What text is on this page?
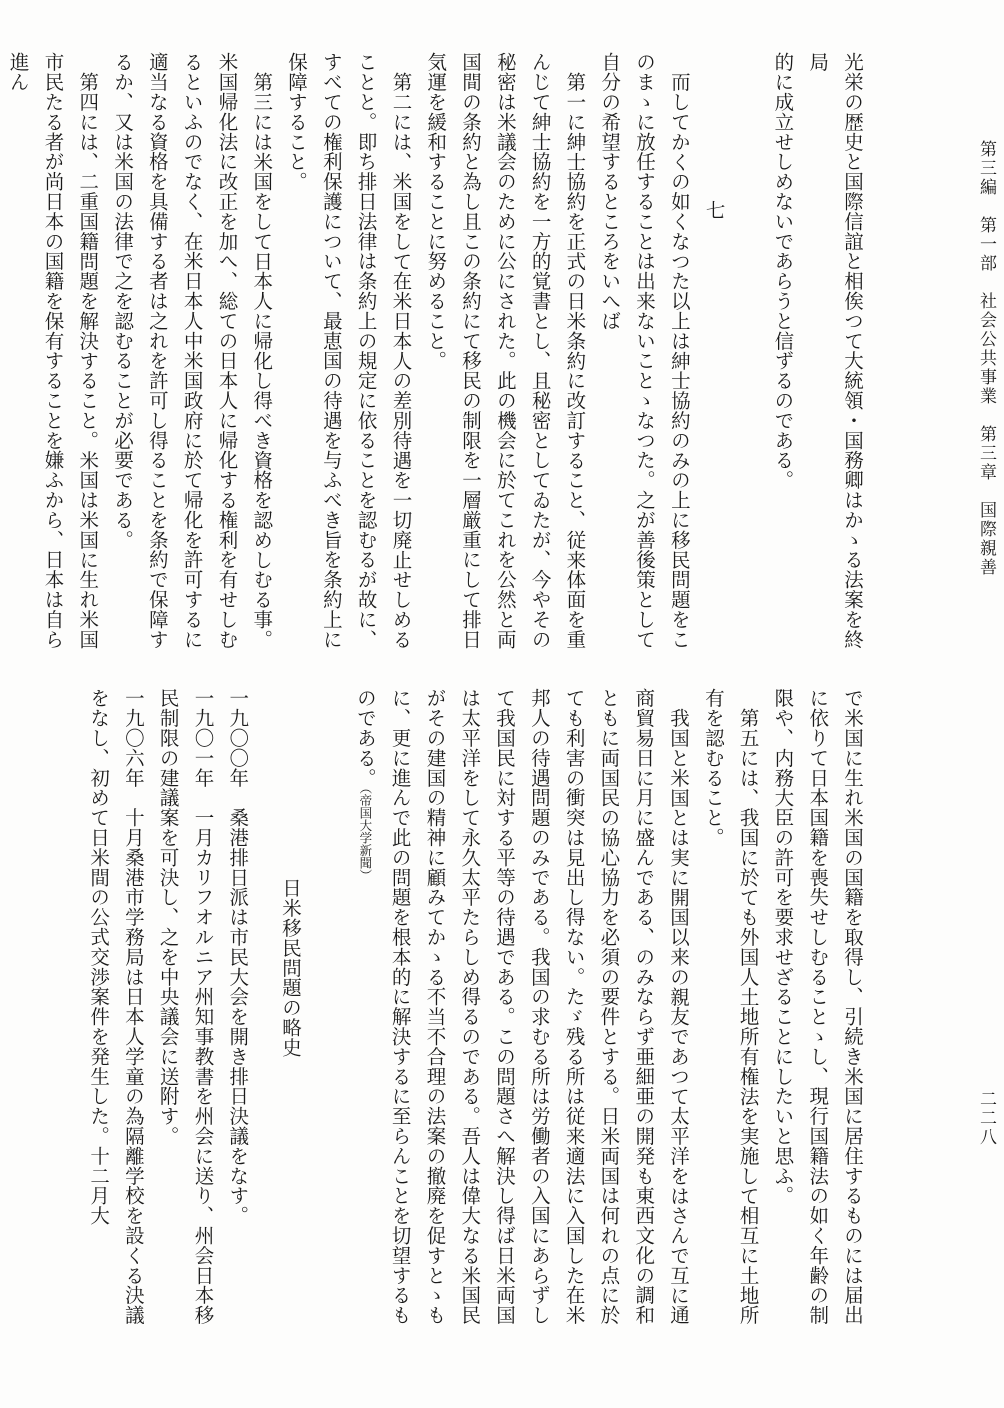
第三編　第一部　社会公共事業　第三章　国際親善
二二八

光栄の歴史と国際信誼と相俟つて大統領・国務卿はかゝる法案を終局

的に成立せしめないであらうと信ずるのである。

七

而してかくの如くなつた以上は紳士協約のみの上に移民問題をこのまゝに放任することは出来ないことゝなつた。之が善後策として自分の希望するところをいへば

第一に紳士協約を正式の日米条約に改訂すること、従来体面を重んじて紳士協約を一方的覚書とし、且秘密としてゐたが、今やその秘密は米議会のために公にされた。此の機会に於てこれを公然と両国間の条約と為し且この条約にて移民の制限を一層厳重にして排日気運を緩和することに努めること。

第二には、米国をして在米日本人の差別待遇を一切廃止せしめることと。即ち排日法律は条約上の規定に依ることを認むるが故に、すべての権利保護について、最恵国の待遇を与ふべき旨を条約上に保障すること。

第三には米国をして日本人に帰化し得べき資格を認めしむる事。米国帰化法に改正を加へ、総ての日本人に帰化する権利を有せしむるといふのでなく、在米日本人中米国政府に於て帰化を許可するに適当なる資格を具備する者は之れを許可し得ることを条約で保障するか、又は米国の法律で之を認むることが必要である。

第四には、二重国籍問題を解決すること。米国は米国に生れ米国市民たる者が尚日本の国籍を保有することを嫌ふから、日本は自ら進ん

で米国に生れ米国の国籍を取得し、引続き米国に居住するものには届出に依りて日本国籍を喪失せしむることゝし、現行国籍法の如く年齢の制限や、内務大臣の許可を要求せざることにしたいと思ふ。

第五には、我国に於ても外国人土地所有権法を実施して相互に土地所有を認むること。

我国と米国とは実に開国以来の親友であつて太平洋をはさんで互に通商貿易日に月に盛んである、のみならず亜細亜の開発も東西文化の調和ともに両国民の協心協力を必須の要件とする。日米両国は何れの点に於ても利害の衝突は見出し得ない。たゞ残る所は従来適法に入国した在米邦人の待遇問題のみである。我国の求むる所は労働者の入国にあらずして我国民に対する平等の待遇である。この問題さへ解決し得ば日米両国は太平洋をして永久太平たらしめ得るのである。吾人は偉大なる米国民がその建国の精神に顧みてかゝる不当不合理の法案の撤廃を促すとゝもに、更に進んで此の問題を根本的に解決するに至らんことを切望するものである。（帝国大学新聞）

日米移民問題の略史

一九〇〇年　桑港排日派は市民大会を開き排日決議をなす。

一九〇一年　一月カリフオルニア州知事教書を州会に送り、州会日本移民制限の建議案を可決し、之を中央議会に送附す。

一九〇六年　十月桑港市学務局は日本人学童の為隔離学校を設くる決議をなし、初めて日米間の公式交渉案件を発生した。十二月大
